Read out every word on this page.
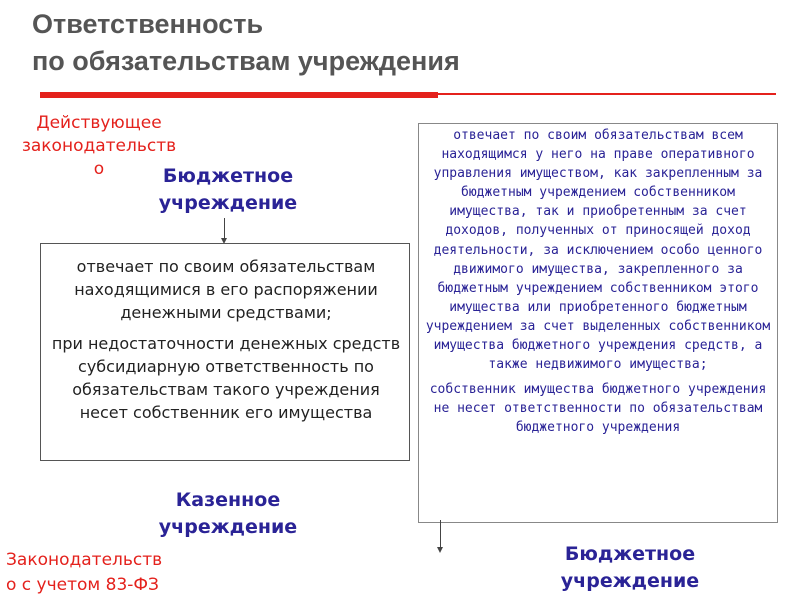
Ответственность
по обязательствам учреждения
Действующее
законодательств
о	Бюджетное
учреждение

отвечает по своим обязательствам находящимися в его распоряжении денежными средствами;

при недостаточности денежных средств субсидиарную ответственность по обязательствам такого учреждения несет собственник его имущества

Казенное
учреждение
Законодательств
о с учетом 83-ФЗ

отвечает по своим обязательствам всем находящимся у него на праве оперативного управления имуществом, как закрепленным за бюджетным учреждением собственником имущества, так и приобретенным за счет доходов, полученных от приносящей доход деятельности, за исключением особо ценного движимого имущества, закрепленного за бюджетным учреждением собственником этого имущества или приобретенного бюджетным учреждением за счет выделенных собственником имущества бюджетного учреждения средств, а также недвижимого имущества;

собственник имущества бюджетного учреждения не несет ответственности по обязательствам бюджетного учреждения

Бюджетное
учреждение
